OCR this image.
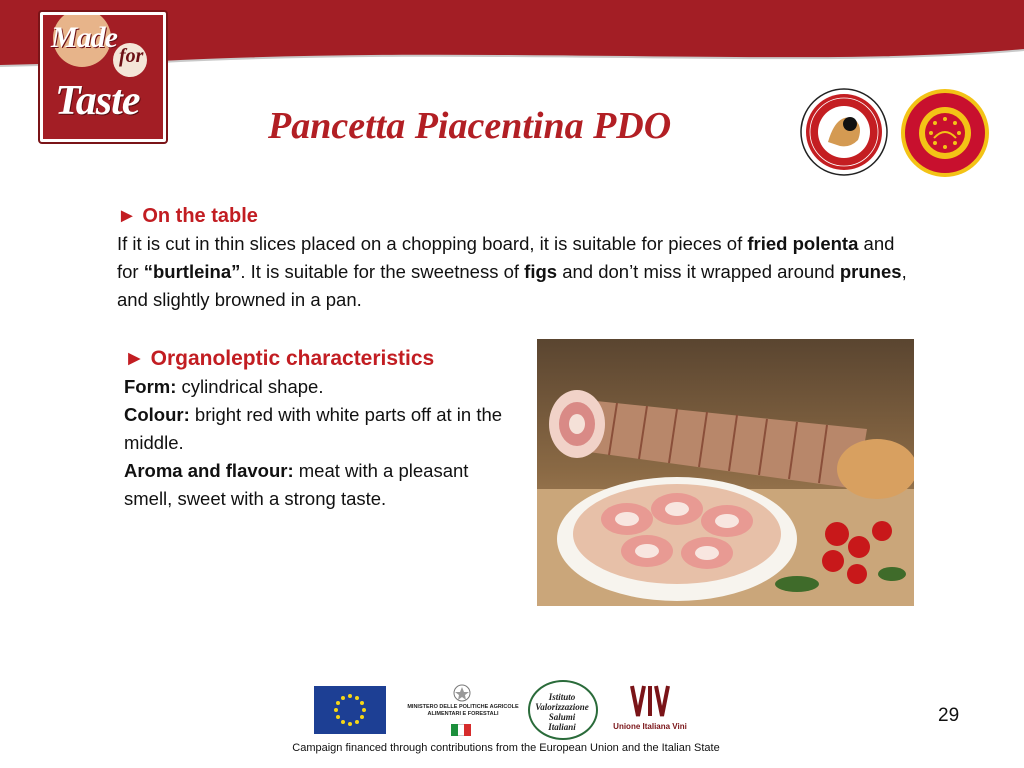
Made
for
Taste
Pancetta Piacentina PDO
► On the table
If it is cut in thin slices placed on a chopping board, it is suitable for pieces of fried polenta and for “burtleina”. It is suitable for the sweetness of figs and don’t miss it wrapped around prunes, and slightly browned in a pan.
► Organoleptic characteristics
Form: cylindrical shape.
Colour: bright red with white parts off at in the middle.
Aroma and flavour: meat with a pleasant smell, sweet with a strong taste.
MINISTERO DELLE POLITICHE AGRICOLE ALIMENTARI E FORESTALI
Istituto Valorizzazione Salumi Italiani	Unione Italiana Vini
29
Campaign financed through contributions from the European Union and the Italian State
